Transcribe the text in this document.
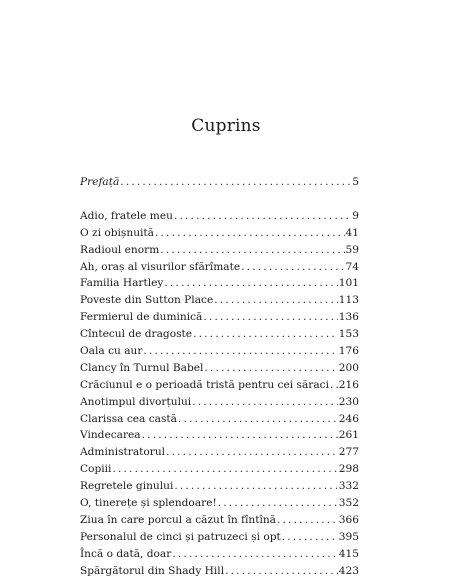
Cuprins
Prefață . . .	5
Adio, fratele meu . . .	9
O zi obișnuită . . .	41
Radioul enorm . . .	59
Ah, oraș al visurilor sfărîmate . . .	74
Familia Hartley . . .	101
Poveste din Sutton Place . . .	113
Fermierul de duminică . . .	136
Cîntecul de dragoste . . .	153
Oala cu aur . . .	176
Clancy în Turnul Babel . . .	200
Crăciunul e o perioadă tristă pentru cei săraci . . . 216
Anotimpul divorțului . . .	230
Clarissa cea castă . . .	246
Vindecarea . . .	261
Administratorul . . .	277
Copiii . . .	298
Regretele ginului . . .	332
O, tinerețe și splendoare! . . .	352
Ziua în care porcul a căzut în fîntînă . . .	366
Personalul de cinci și patruzeci și opt . . .	395
Încă o dată, doar . . .	415
Spărgătorul din Shady Hill . . .	423
